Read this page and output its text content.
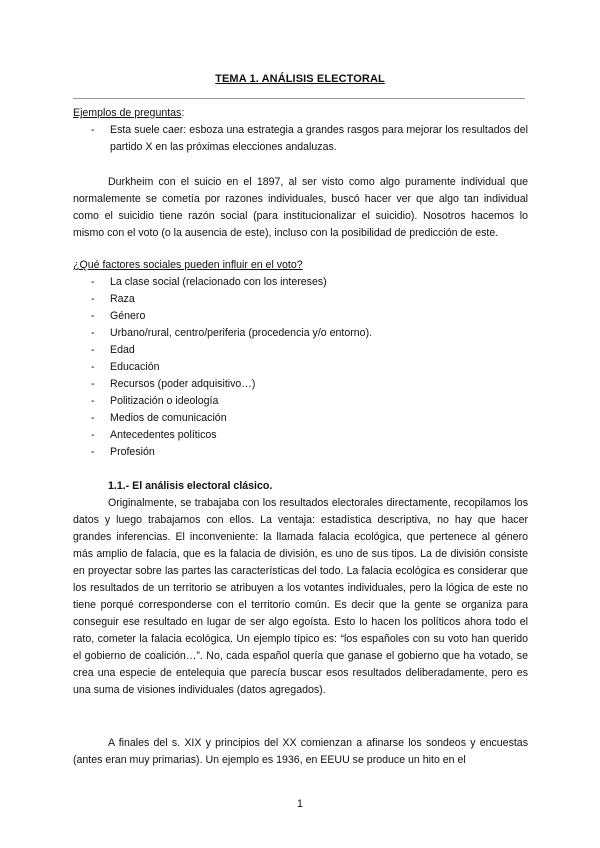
TEMA 1. ANÁLISIS ELECTORAL
Ejemplos de preguntas:
- Esta suele caer: esboza una estrategia a grandes rasgos para mejorar los resultados del partido X en las próximas elecciones andaluzas.

Durkheim con el suicio en el 1897, al ser visto como algo puramente individual que normalemente se cometía por razones individuales, buscó hacer ver que algo tan individual como el suicidio tiene razón social (para institucionalizar el suicidio). Nosotros hacemos lo mismo con el voto (o la ausencia de este), incluso con la posibilidad de predicción de este.

¿Qué factores sociales pueden influir en el voto?
- La clase social (relacionado con los intereses)
- Raza
- Género
- Urbano/rural, centro/periferia (procedencia y/o entorno).
- Edad
- Educación
- Recursos (poder adquisitivo…)
- Politización o ideología
- Medios de comunicación
- Antecedentes políticos
- Profesión
1.1.- El análisis electoral clásico.

Originalmente, se trabajaba con los resultados electorales directamente, recopilamos los datos y luego trabajamos con ellos. La ventaja: estadística descriptiva, no hay que hacer grandes inferencias. El inconveniente: la llamada falacia ecológica, que pertenece al género más amplio de falacia, que es la falacia de división, es uno de sus tipos. La de división consiste en proyectar sobre las partes las características del todo. La falacia ecológica es considerar que los resultados de un territorio se atribuyen a los votantes individuales, pero la lógica de este no tiene porqué corresponderse con el territorio común. Es decir que la gente se organiza para conseguir ese resultado en lugar de ser algo egoísta. Esto lo hacen los políticos ahora todo el rato, cometer la falacia ecológica. Un ejemplo típico es: “los españoles con su voto han querido el gobierno de coalición…”. No, cada español quería que ganase el gobierno que ha votado, se crea una especie de entelequia que parecía buscar esos resultados deliberadamente, pero es una suma de visiones individuales (datos agregados).

A finales del s. XIX y principios del XX comienzan a afinarse los sondeos y encuestas (antes eran muy primarias). Un ejemplo es 1936, en EEUU se produce un hito en el

1
